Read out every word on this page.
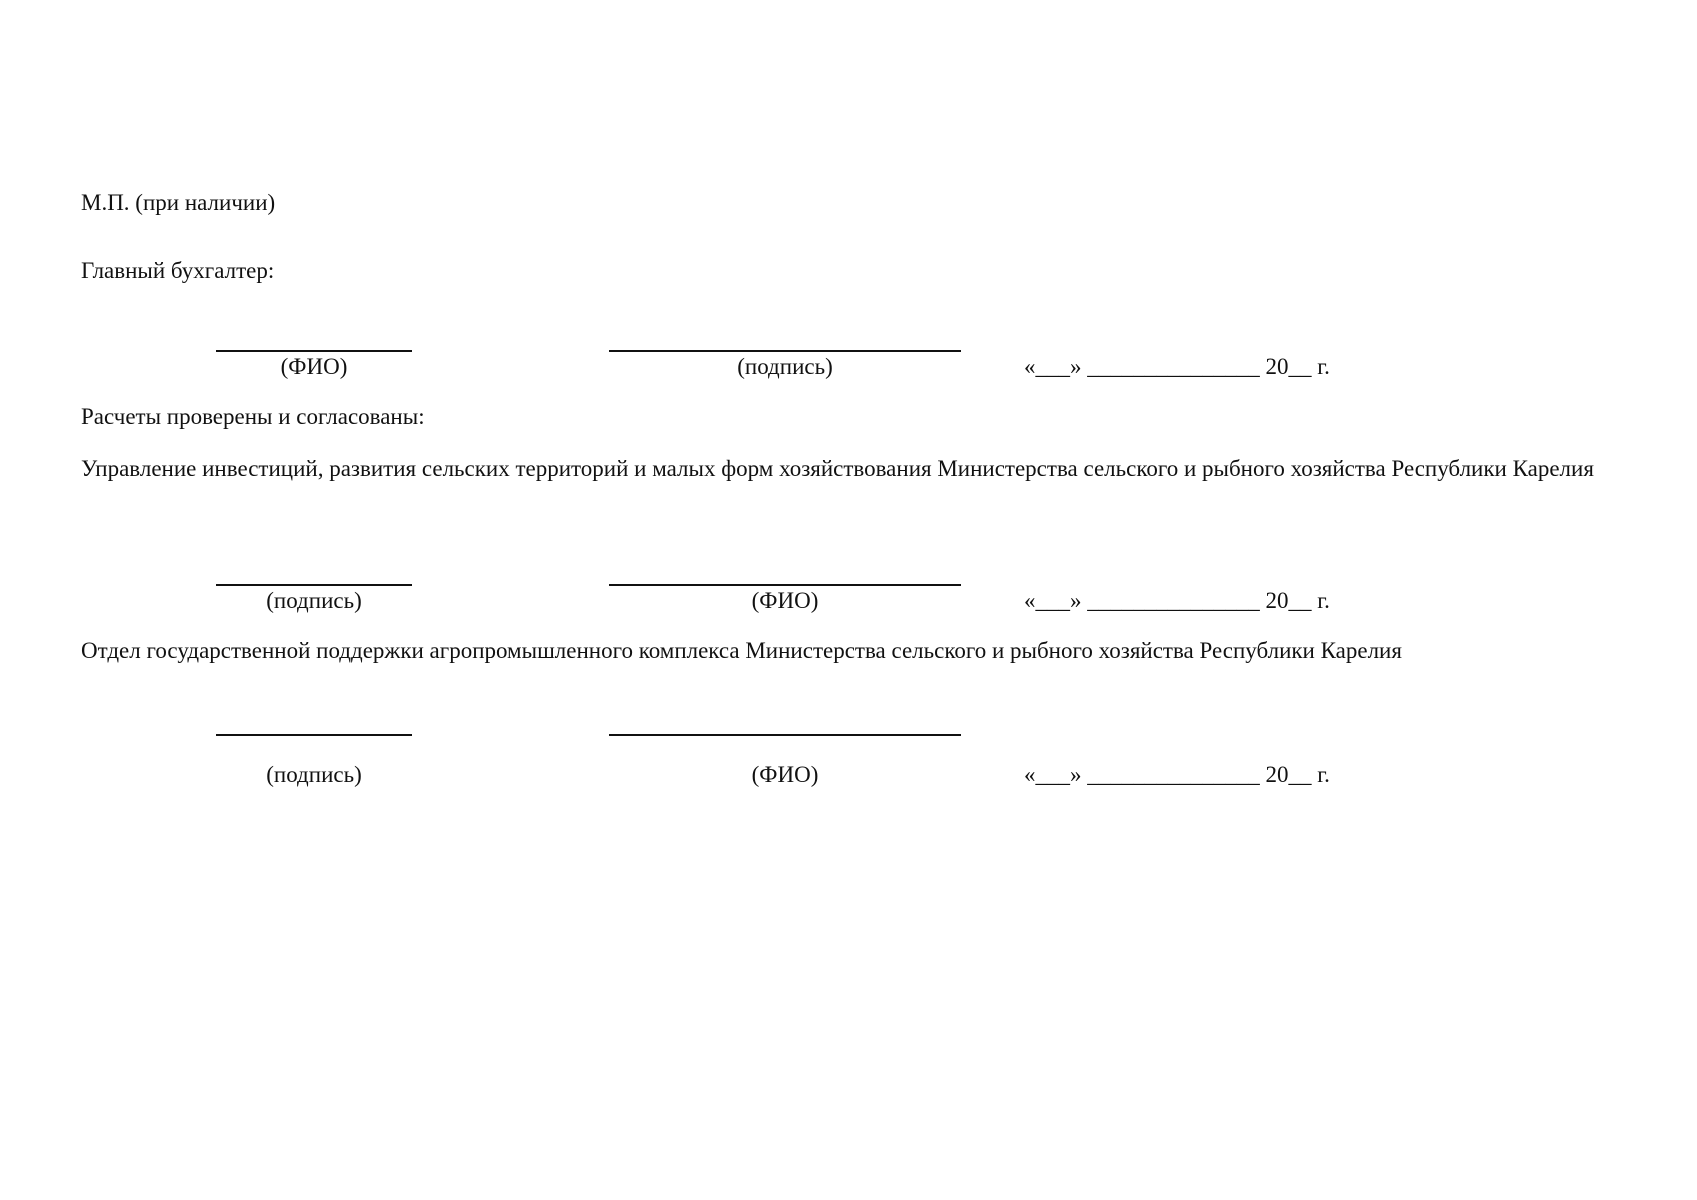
М.П. (при наличии)
Главный бухгалтер:
(ФИО)	(подпись)	«___» _______________ 20__ г.
Расчеты проверены и согласованы:
Управление инвестиций, развития сельских территорий и малых форм хозяйствования Министерства сельского и рыбного хозяйства Республики Карелия
(подпись)	(ФИО)	«___» _______________ 20__ г.
Отдел государственной поддержки агропромышленного комплекса Министерства сельского и рыбного хозяйства Республики Карелия
(подпись)	(ФИО)	«___» _______________ 20__ г.
